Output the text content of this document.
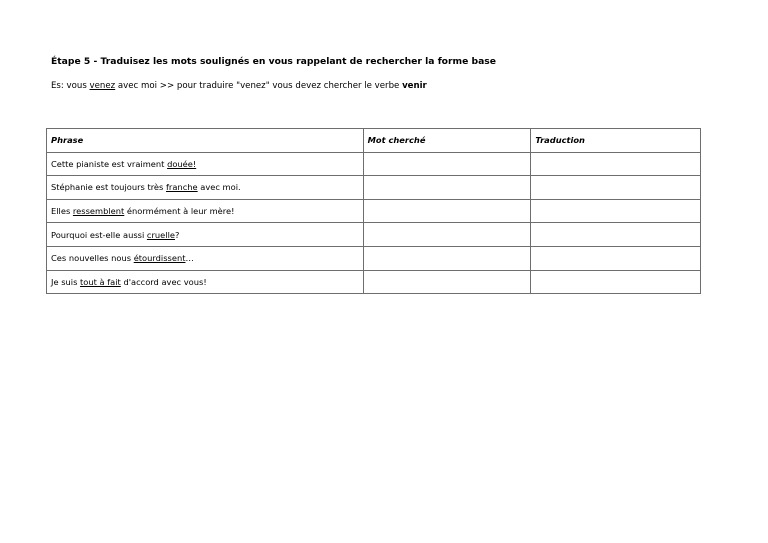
Étape 5 - Traduisez les mots soulignés en vous rappelant de rechercher la forme base
Es: vous venez avec moi >> pour traduire "venez" vous devez chercher le verbe venir
Phrase	Mot cherché	Traduction
Cette pianiste est vraiment douée!		
Stéphanie est toujours très franche avec moi.		
Elles ressemblent énormément à leur mère!		
Pourquoi est-elle aussi cruelle?		
Ces nouvelles nous étourdissent…		
Je suis tout à fait d'accord avec vous!		
